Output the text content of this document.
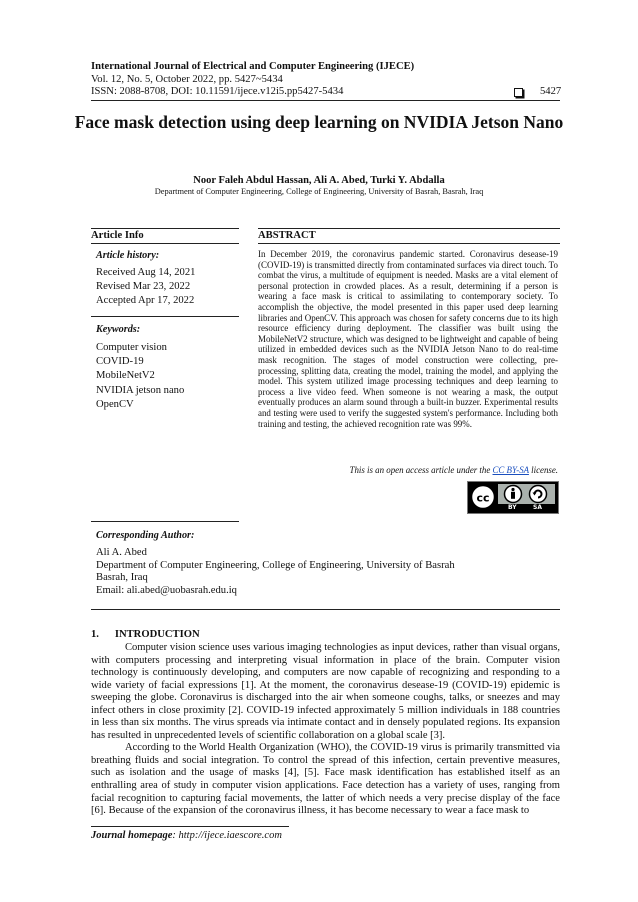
International Journal of Electrical and Computer Engineering (IJECE)
Vol. 12, No. 5, October 2022, pp. 5427~5434
ISSN: 2088-8708, DOI: 10.11591/ijece.v12i5.pp5427-5434	5427
Face mask detection using deep learning on NVIDIA Jetson Nano
Noor Faleh Abdul Hassan, Ali A. Abed, Turki Y. Abdalla
Department of Computer Engineering, College of Engineering, University of Basrah, Basrah, Iraq
Article Info	ABSTRACT
Article history:
Received Aug 14, 2021
Revised Mar 23, 2022
Accepted Apr 17, 2022
Keywords:
Computer vision
COVID-19
MobileNetV2
NVIDIA jetson nano
OpenCV
In December 2019, the coronavirus pandemic started. Coronavirus desease-19 (COVID-19) is transmitted directly from contaminated surfaces via direct touch. To combat the virus, a multitude of equipment is needed. Masks are a vital element of personal protection in crowded places. As a result, determining if a person is wearing a face mask is critical to assimilating to contemporary society. To accomplish the objective, the model presented in this paper used deep learning libraries and OpenCV. This approach was chosen for safety concerns due to its high resource efficiency during deployment. The classifier was built using the MobileNetV2 structure, which was designed to be lightweight and capable of being utilized in embedded devices such as the NVIDIA Jetson Nano to do real-time mask recognition. The stages of model construction were collecting, pre-processing, splitting data, creating the model, training the model, and applying the model. This system utilized image processing techniques and deep learning to process a live video feed. When someone is not wearing a mask, the output eventually produces an alarm sound through a built-in buzzer. Experimental results and testing were used to verify the suggested system's performance. Including both training and testing, the achieved recognition rate was 99%.
This is an open access article under the CC BY-SA license.
cc
BY	SA
Corresponding Author:
Ali A. Abed
Department of Computer Engineering, College of Engineering, University of Basrah
Basrah, Iraq
Email: ali.abed@uobasrah.edu.iq
1.      INTRODUCTION

Computer vision science uses various imaging technologies as input devices, rather than visual organs, with computers processing and interpreting visual information in place of the brain. Computer vision technology is continuously developing, and computers are now capable of recognizing and responding to a wide variety of facial expressions [1]. At the moment, the coronavirus desease-19 (COVID-19) epidemic is sweeping the globe. Coronavirus is discharged into the air when someone coughs, talks, or sneezes and may infect others in close proximity [2]. COVID-19 infected approximately 5 million individuals in 188 countries in less than six months. The virus spreads via intimate contact and in densely populated regions. Its expansion has resulted in unprecedented levels of scientific collaboration on a global scale [3].

According to the World Health Organization (WHO), the COVID-19 virus is primarily transmitted via breathing fluids and social integration. To control the spread of this infection, certain preventive measures, such as isolation and the usage of masks [4], [5]. Face mask identification has established itself as an enthralling area of study in computer vision applications. Face detection has a variety of uses, ranging from facial recognition to capturing facial movements, the latter of which needs a very precise display of the face [6]. Because of the expansion of the coronavirus illness, it has become necessary to wear a face mask to

Journal homepage: http://ijece.iaescore.com
